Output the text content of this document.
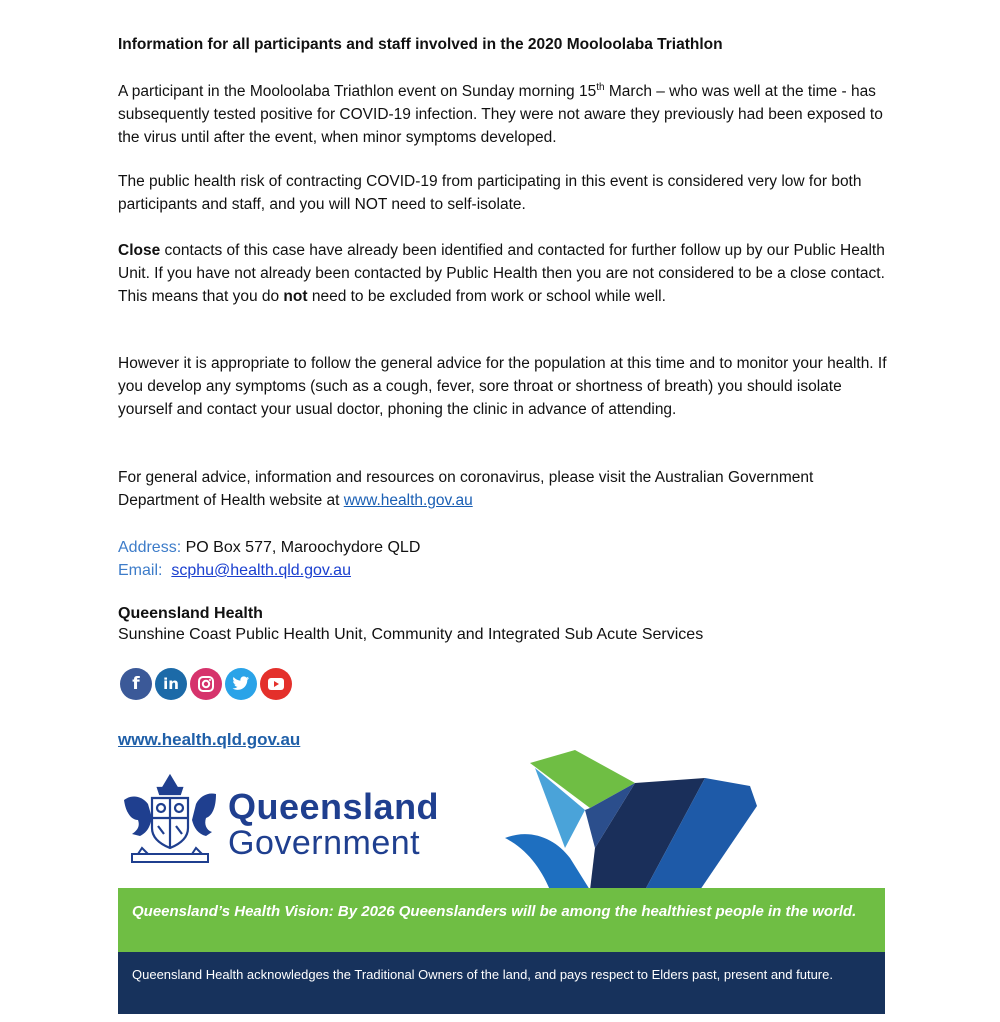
Information for all participants and staff involved in the 2020 Mooloolaba Triathlon
A participant in the Mooloolaba Triathlon event on Sunday morning 15th March – who was well at the time - has subsequently tested positive for COVID-19 infection. They were not aware they previously had been exposed to the virus until after the event, when minor symptoms developed.
The public health risk of contracting COVID-19 from participating in this event is considered very low for both participants and staff, and you will NOT need to self-isolate.
Close contacts of this case have already been identified and contacted for further follow up by our Public Health Unit. If you have not already been contacted by Public Health then you are not considered to be a close contact. This means that you do not need to be excluded from work or school while well.
However it is appropriate to follow the general advice for the population at this time and to monitor your health. If you develop any symptoms (such as a cough, fever, sore throat or shortness of breath) you should isolate yourself and contact your usual doctor, phoning the clinic in advance of attending.
For general advice, information and resources on coronavirus, please visit the Australian Government Department of Health website at www.health.gov.au
Address: PO Box 577, Maroochydore QLD
Email: scphu@health.qld.gov.au
Queensland Health
Sunshine Coast Public Health Unit, Community and Integrated Sub Acute Services
f	in
www.health.qld.gov.au
Queensland
Government

Queensland’s Health Vision: By 2026 Queenslanders will be among the healthiest people in the world.

Queensland Health acknowledges the Traditional Owners of the land, and pays respect to Elders past, present and future.
